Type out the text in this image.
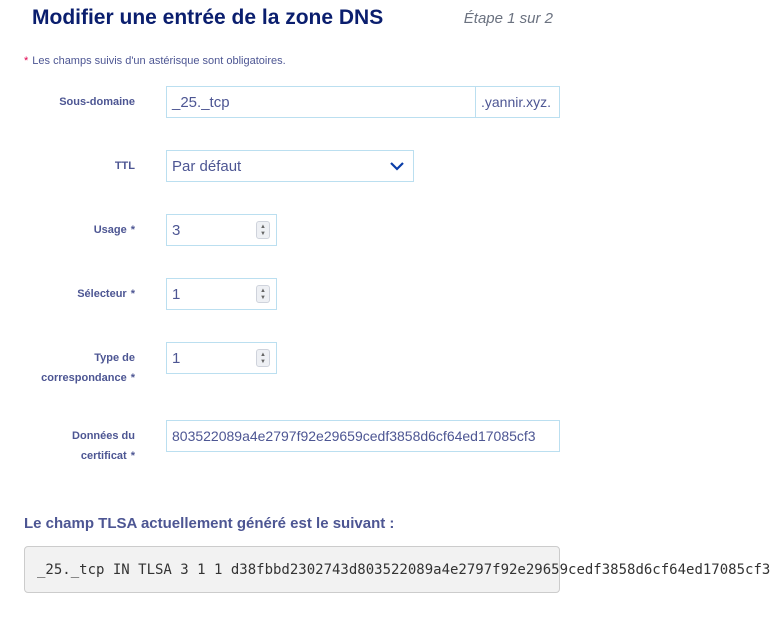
Modifier une entrée de la zone DNS	Étape 1 sur 2
* Les champs suivis d'un astérisque sont obligatoires.
Sous-domaine _25._tcp	.yannir.xyz.
TTL Par défaut
Usage * 3	▲
▼
Sélecteur * 1	▲
▼
Type de
correspondance *
1	▲
▼
Données du
certificat *
803522089a4e2797f92e29659cedf3858d6cf64ed17085cf3
Le champ TLSA actuellement généré est le suivant :
_25._tcp IN TLSA 3 1 1 d38fbbd2302743d803522089a4e2797f92e29659cedf3858d6cf64ed17085cf3
